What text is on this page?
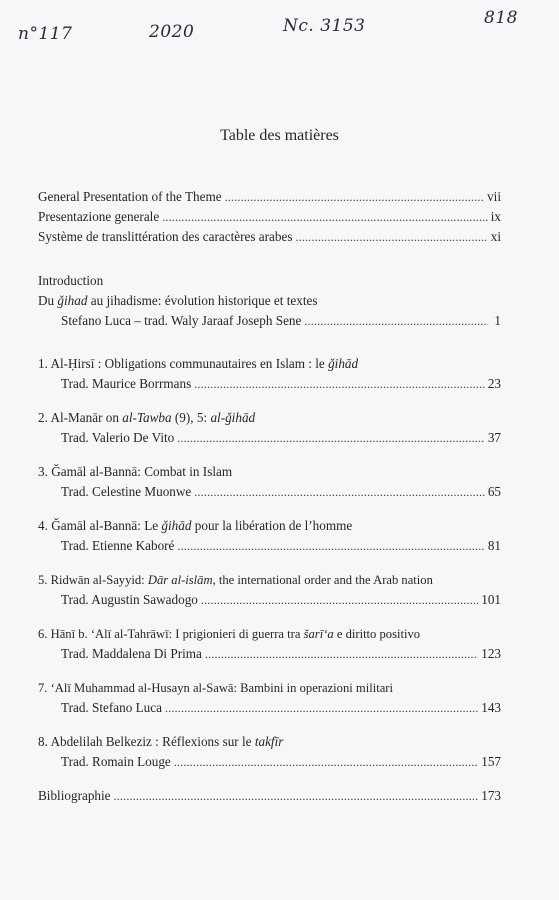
n°117	2020	Nc. 3153	818
Table des matières
General Presentation of the Theme .....	vii
Presentazione generale .....	ix
Système de translittération des caractères arabes .....	xi
Introduction
Du ǧihad au jihadisme: évolution historique et textes
Stefano Luca – trad. Waly Jaraaf Joseph Sene .....	1
1. Al-Ḥirsī : Obligations communautaires en Islam : le ǧihād
Trad. Maurice Borrmans .....	23
2. Al-Manār on al-Tawba (9), 5: al-ǧihād
Trad. Valerio De Vito .....	37
3. Ǧamāl al-Bannā: Combat in Islam
Trad. Celestine Muonwe .....	65
4. Ǧamāl al-Bannā: Le ǧihād pour la libération de l’homme
Trad. Etienne Kaboré .....	81
5. Ridwān al-Sayyid: Dār al-islām, the international order and the Arab nation
Trad. Augustin Sawadogo .....	101
6. Hānī b. ʻAlī al-Tahrāwī: I prigionieri di guerra tra šarīʻa e diritto positivo
Trad. Maddalena Di Prima .....	123
7. ʻAlī Muhammad al-Husayn al-Sawā: Bambini in operazioni militari
Trad. Stefano Luca .....	143
8. Abdelilah Belkeziz : Réflexions sur le takfīr
Trad. Romain Louge .....	157
Bibliographie .....	173
